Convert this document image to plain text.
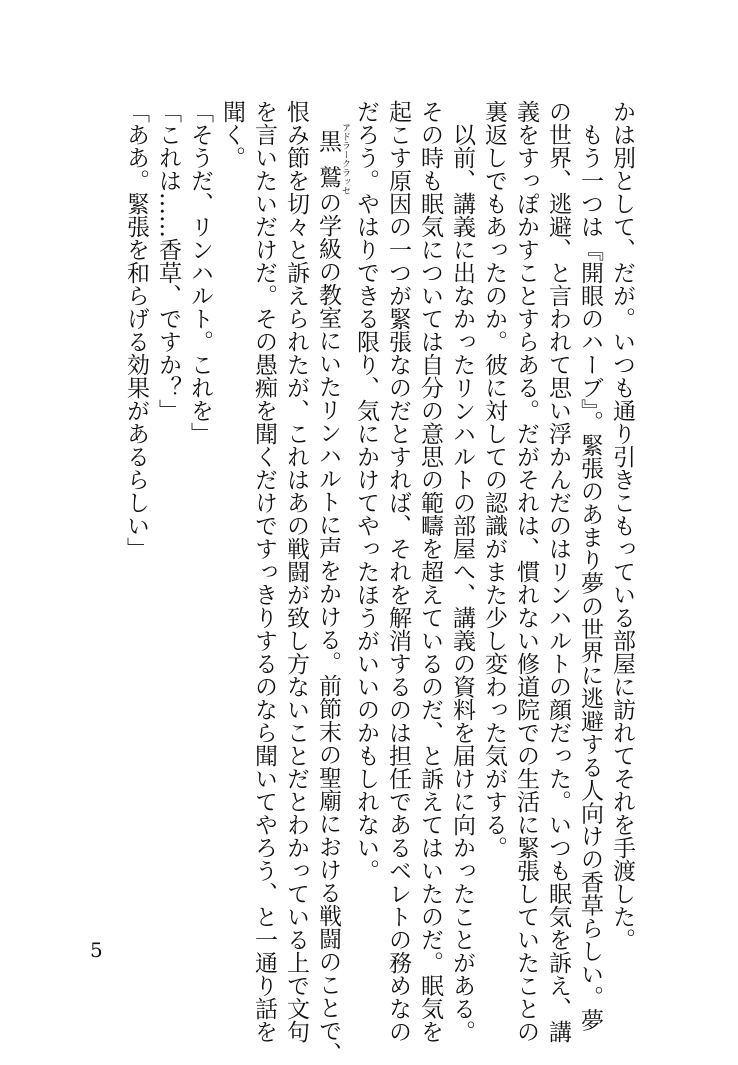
かは別として、だが。いつも通り引きこもっている部屋に訪れてそれを手渡した。

もう一つは『開眼のハーブ』。緊張のあまり夢の世界に逃避する人向けの香草らしい。夢

の世界、逃避、と言われて思い浮かんだのはリンハルトの顔だった。いつも眠気を訴え、講

義をすっぽかすことすらある。だがそれは、慣れない修道院での生活に緊張していたことの

裏返しでもあったのか。彼に対しての認識がまた少し変わった気がする。

以前、講義に出なかったリンハルトの部屋へ、講義の資料を届けに向かったことがある。

その時も眠気については自分の意思の範疇を超えているのだ、と訴えてはいたのだ。眠気を

起こす原因の一つが緊張なのだとすれば、それを解消するのは担任であるベレトの務めなの

だろう。やはりできる限り、気にかけてやったほうがいいのかもしれない。

黒鷲 アドラークラッセの学級の教室にいたリンハルトに声をかける。前節末の聖廟における戦闘のことで、

恨み節を切々と訴えられたが、これはあの戦闘が致し方ないことだとわかっている上で文句

を言いたいだけだ。その愚痴を聞くだけですっきりするのなら聞いてやろう、と一通り話を

聞く。

「そうだ、リンハルト。これを」

「これは……香草、ですか？」

「ああ。緊張を和らげる効果があるらしい」

5
